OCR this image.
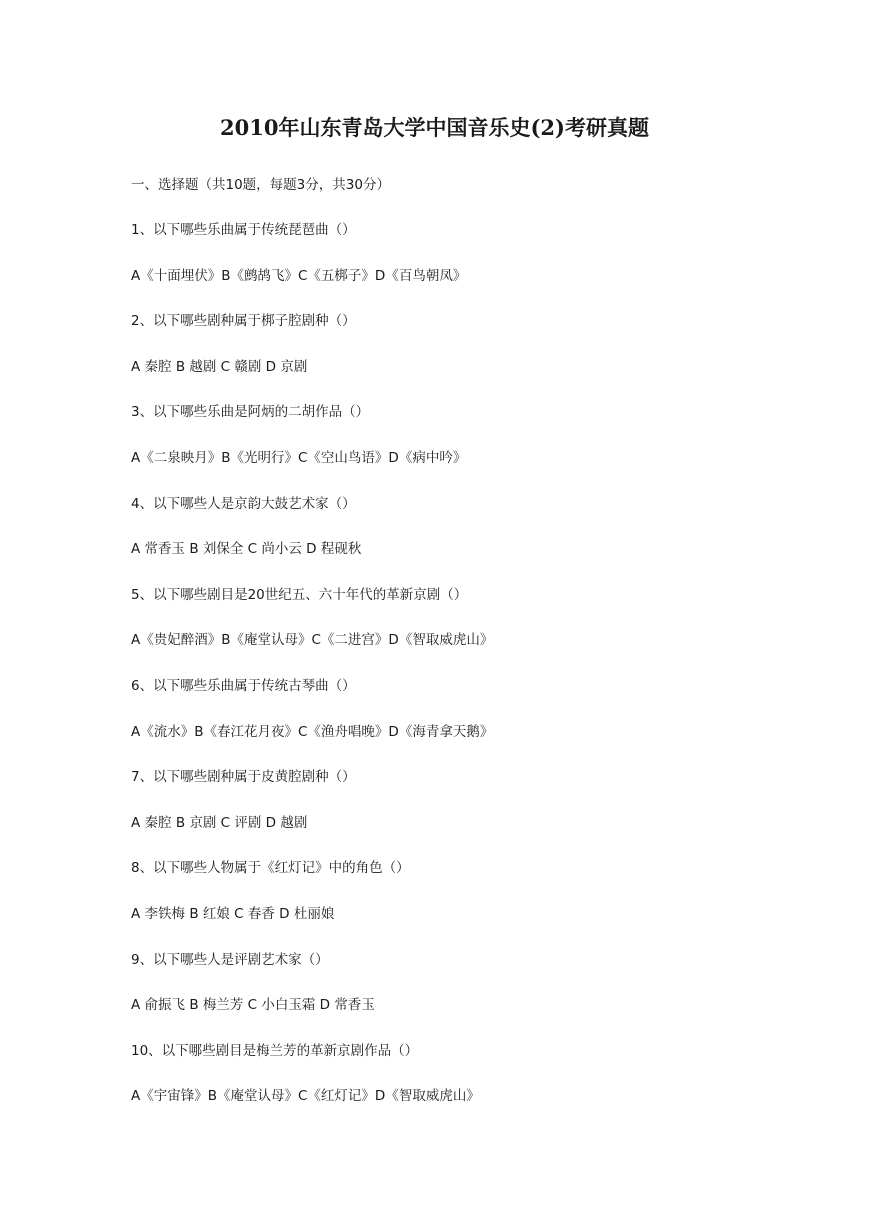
2010年山东青岛大学中国音乐史(2)考研真题

一、选择题（共10题，每题3分，共30分）

1、以下哪些乐曲属于传统琵琶曲（）
A《十面埋伏》B《鹧鸪飞》C《五梆子》D《百鸟朝凤》
2、以下哪些剧种属于梆子腔剧种（）
A 秦腔 B 越剧 C 赣剧 D 京剧
3、以下哪些乐曲是阿炳的二胡作品（）
A《二泉映月》B《光明行》C《空山鸟语》D《病中吟》
4、以下哪些人是京韵大鼓艺术家（）
A 常香玉 B 刘保全 C 尚小云 D 程砚秋
5、以下哪些剧目是20世纪五、六十年代的革新京剧（）
A《贵妃醉酒》B《庵堂认母》C《二进宫》D《智取威虎山》
6、以下哪些乐曲属于传统古琴曲（）
A《流水》B《春江花月夜》C《渔舟唱晚》D《海青拿天鹅》
7、以下哪些剧种属于皮黄腔剧种（）
A 秦腔 B 京剧 C 评剧 D 越剧
8、以下哪些人物属于《红灯记》中的角色（）
A 李铁梅 B 红娘 C 春香 D 杜丽娘
9、以下哪些人是评剧艺术家（）
A 俞振飞 B 梅兰芳 C 小白玉霜 D 常香玉
10、以下哪些剧目是梅兰芳的革新京剧作品（）
A《宇宙锋》B《庵堂认母》C《红灯记》D《智取威虎山》
